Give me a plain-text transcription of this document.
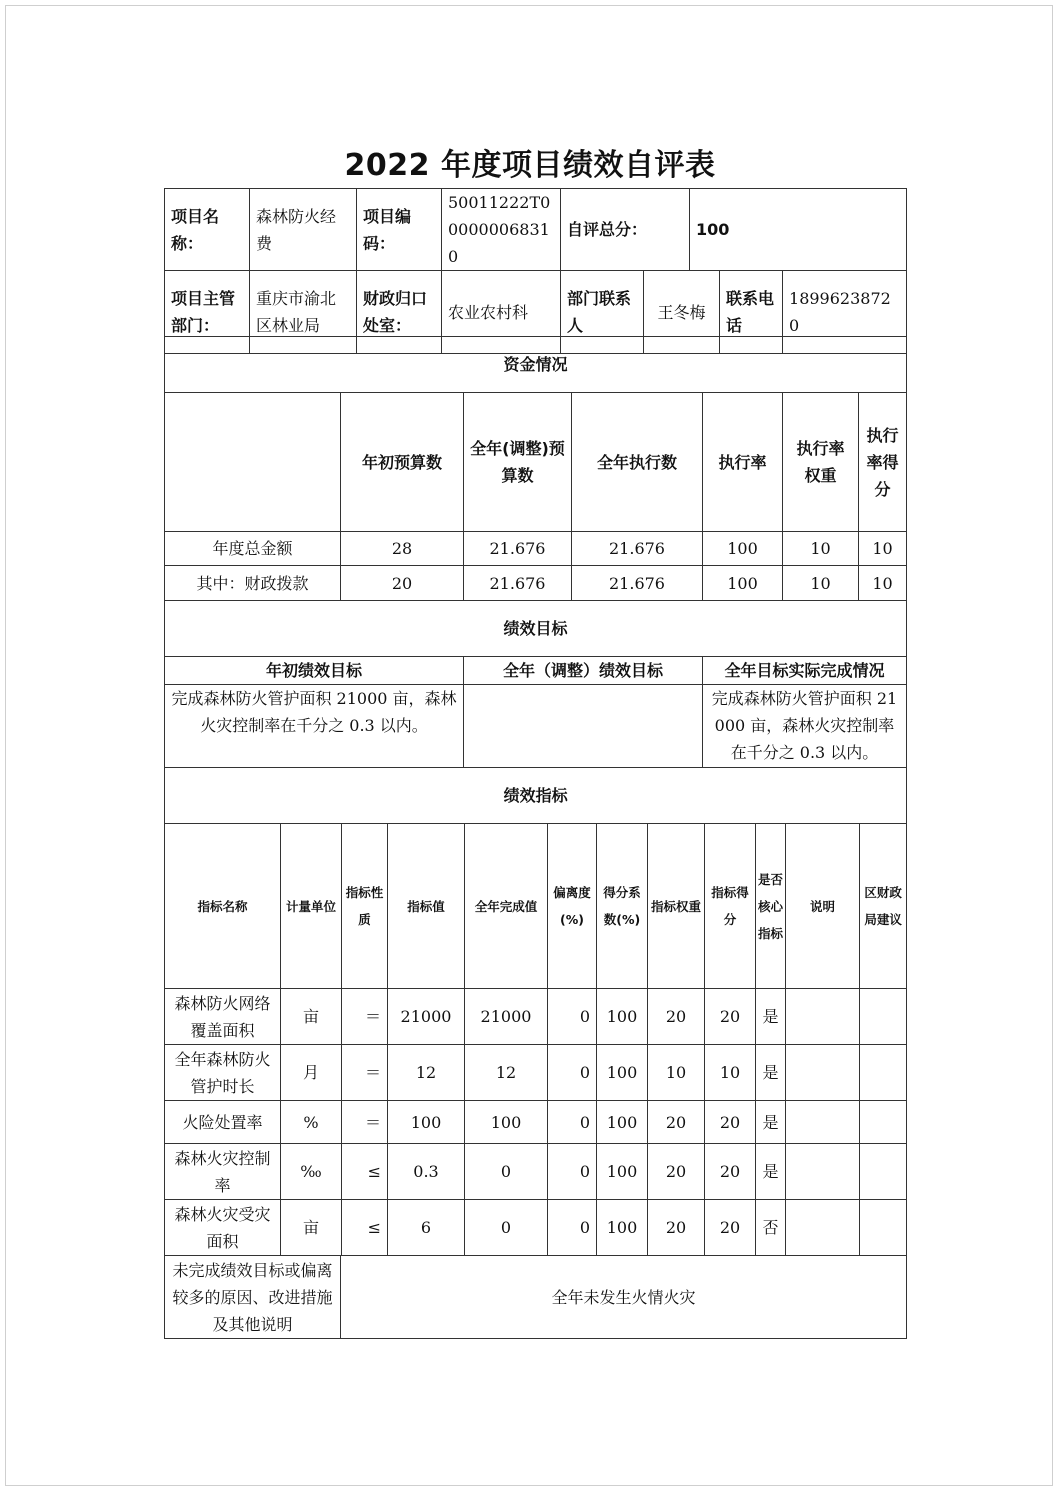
2022 年度项目绩效自评表
项目名称：	森林防火经费	项目编码：	50011222T000000068310	自评总分：		100		
项目主管部门：	重庆市渝北区林业局	财政归口处室：	农业农村科	部门联系人	王冬梅		联系电话	18996238720
资金情况						
	年初预算数	全年(调整)预算数	全年执行数	执行率	执行率权重	执行率得分
年度总金额	28	21.676	21.676	100	10	10
其中：财政拨款	20	21.676	21.676	100	10	10
绩效目标		
年初绩效目标	全年（调整）绩效目标	全年目标实际完成情况
完成森林防火管护面积 21000 亩，森林火灾控制率在千分之 0.3 以内。		完成森林防火管护面积 21000 亩，森林火灾控制率在千分之 0.3 以内。
绩效指标											
指标名称	计量单位	指标性质	指标值	全年完成值	偏离度(%)	得分系数(%)	指标权重	指标得分	是否核心指标	说明	区财政局建议
森林防火网络覆盖面积	亩	＝	21000	21000	0	100	20	20	是		
全年森林防火管护时长	月	＝	12	12	0	100	10	10	是		
火险处置率	%	＝	100	100	0	100	20	20	是		
森林火灾控制率	‰	≤	0.3	0	0	100	20	20	是		
森林火灾受灾面积	亩	≤	6	0	0	100	20	20	否		
未完成绩效目标或偏离较多的原因、改进措施及其他说明	全年未发生火情火灾
